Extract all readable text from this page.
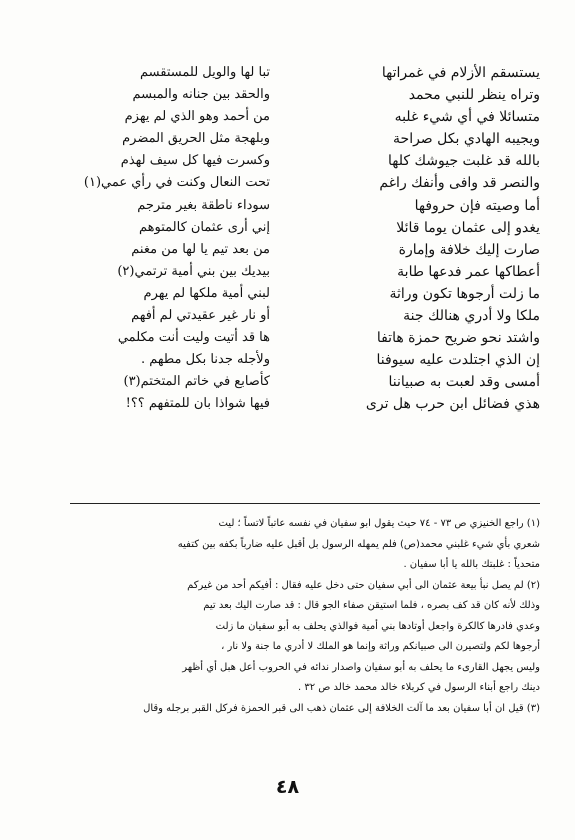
يستسقم الأزلام في غمراتها
وتراه ينظر للنبي محمد
متسائلا في أي شيء غلبه
ويجيبه الهادي بكل صراحة
بالله قد غلبت جيوشك كلها
والنصر قد وافى وأنفك راغم
أما وصيته فإن حروفها
يغدو إلى عثمان يوما قائلا
صارت إليك خلافة وإمارة
أعطاكها عمر فدعها طابة
ما زلت أرجوها تكون وراثة
ملكا ولا أدري هنالك جنة
واشتد نحو ضريح حمزة هاتفا
إن الذي اجتلدت عليه سيوفنا
أمسى وقد لعبت به صبياننا
هذي فضائل ابن حرب هل ترى
تبا لها والويل للمستقسم
والحقد بين جنانه والمبسم
من أحمد وهو الذي لم يهزم
وبلهجة مثل الحريق المضرم
وكسرت فيها كل سيف لهذم
تحت النعال وكنت في رأي عمي(١)
سوداء ناطقة بغير مترجم
إني أرى عثمان كالمتوهم
من بعد تيم يا لها من مغنم
بيديك بين بني أمية ترتمي(٢)
لبني أمية ملكها لم يهرم
أو نار غير عقيدتي لم أفهم
ها قد أتيت وليت أنت مكلمي
ولأجله جدنا بكل مطهم .
كأصابع في خاتم المتختم(٣)
فيها شواذا بان للمتفهم ؟؟!
(١) راجع الخنيزي ص ٧٣ - ٧٤ حيث يقول ابو سفيان في نفسه عاتباً لاتساً ؛ ليت
شعري بأي شيء غلبني محمد(ص) فلم يمهله الرسول بل أقبل عليه ضارباً بكفه بين كتفيه
متحدياً : غلبتك بالله يا أبا سفيان .
(٢) لم يصل نبأ بيعة عثمان الى أبي سفيان حتى دخل عليه فقال : أفيكم أحد من غيركم
وذلك لأنه كان قد كف بصره ، فلما استيقن صفاء الجو قال : قد صارت اليك بعد تيم
وعدي فادرها كالكرة واجعل أوتادها بني أمية فوالذي يحلف به أبو سفيان ما زلت
أرجوها لكم ولتصيرن الى صبيانكم وراثة وإنما هو الملك لا أدري ما جنة ولا نار ،
وليس يجهل القارىء ما يحلف به أبو سفيان واصدار ندائه في الحروب أعل هبل أي أظهر
دينك راجع أبناء الرسول في كربلاء خالد محمد خالد ص ٣٢ .
(٣) قيل ان أبا سفيان بعد ما آلت الخلافة إلى عثمان ذهب الى قبر الحمزة فركل القبر برجله وقال
٤٨
